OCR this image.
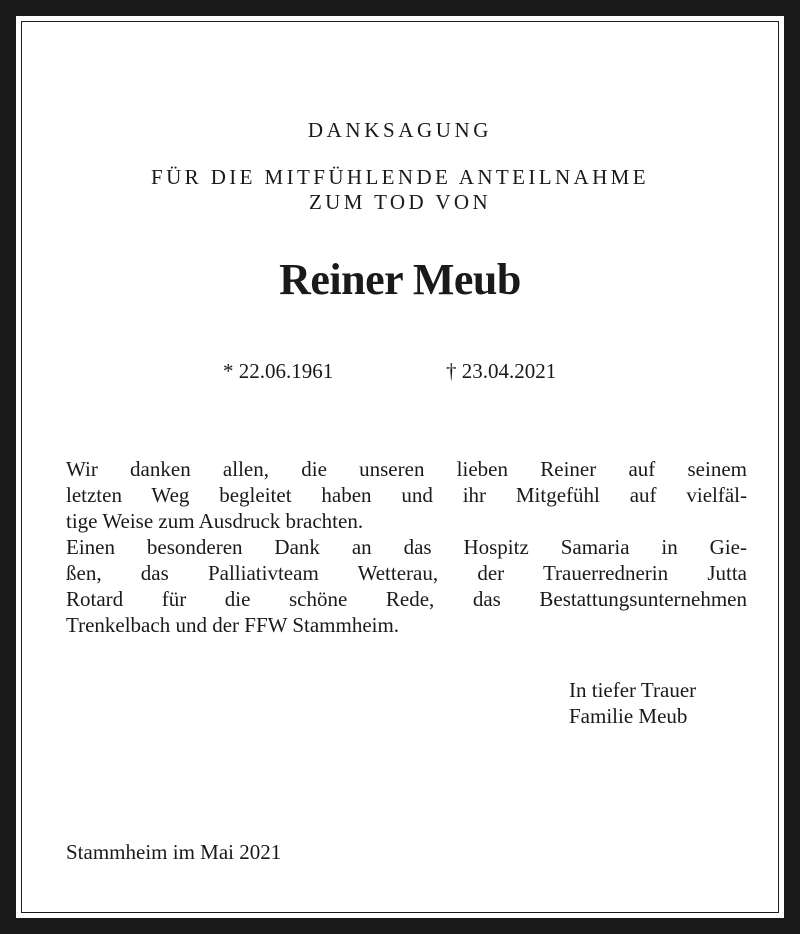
DANKSAGUNG
FÜR DIE MITFÜHLENDE ANTEILNAHME
ZUM TOD VON
Reiner Meub
* 22.06.1961	† 23.04.2021
Wir danken allen, die unseren lieben Reiner auf seinem
letzten Weg begleitet haben und ihr Mitgefühl auf vielfäl-
tige Weise zum Ausdruck brachten.
Einen besonderen Dank an das Hospitz Samaria in Gie-
ßen, das Palliativteam Wetterau, der Trauerrednerin Jutta
Rotard für die schöne Rede, das Bestattungsunternehmen
Trenkelbach und der FFW Stammheim.
In tiefer Trauer
Familie Meub
Stammheim im Mai 2021
